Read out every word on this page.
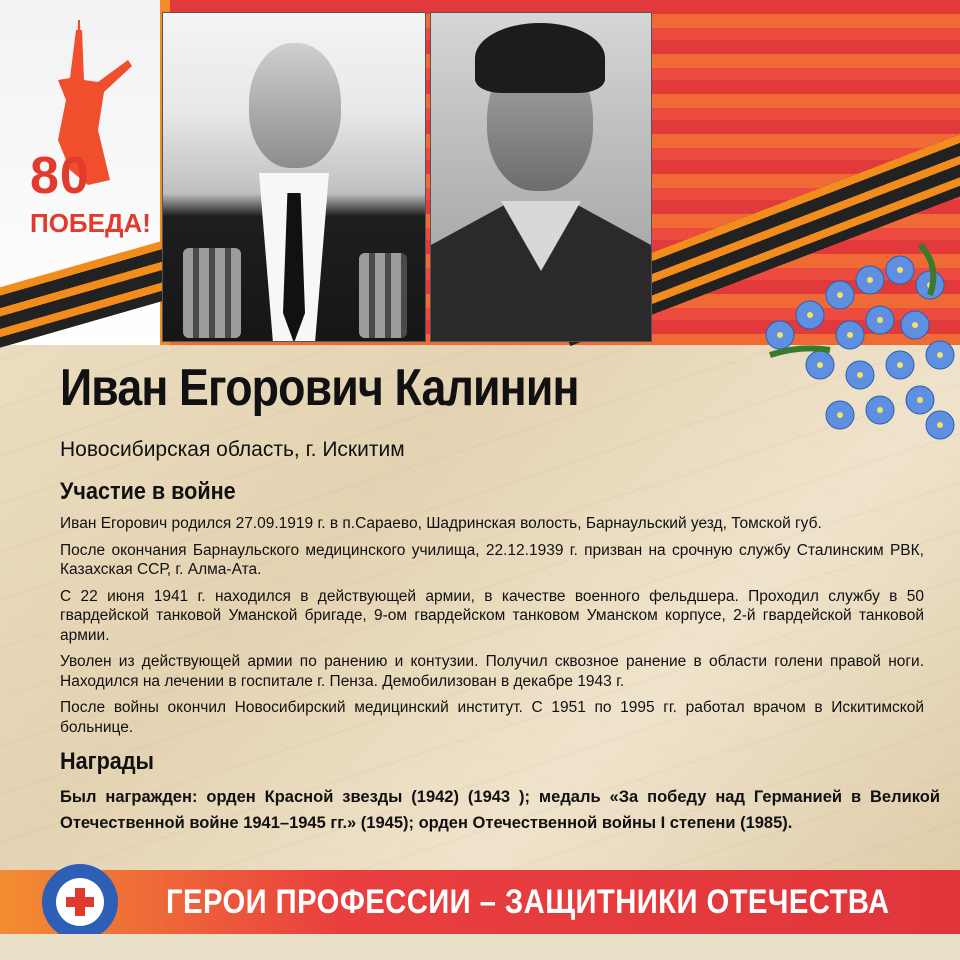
80
ПОБЕДА!
Иван Егорович Калинин
Новосибирская область, г. Искитим
Участие в войне

Иван Егорович родился 27.09.1919 г. в п.Сараево, Шадринская волость, Барнаульский уезд, Томской губ.

После окончания Барнаульского медицинского училища, 22.12.1939 г. призван на срочную службу Сталинским РВК, Казахская ССР, г. Алма-Ата.

С 22 июня 1941 г. находился в действующей армии, в качестве военного фельдшера. Проходил службу в 50 гвардейской танковой Уманской бригаде, 9-ом гвардейском танковом Уманском корпусе, 2-й гвардейской танковой армии.

Уволен из действующей армии по ранению и контузии. Получил сквозное ранение в области голени правой ноги. Находился на лечении в госпитале г. Пенза. Демобилизован в декабре 1943 г.

После войны окончил Новосибирский медицинский институт. С 1951 по 1995 гг. работал врачом в Искитимской больнице.

Награды
Был награжден: орден Красной звезды (1942) (1943 ); медаль «За победу над Германией в Великой Отечественной войне 1941–1945 гг.» (1945); орден Отечественной войны I степени (1985).
ГЕРОИ ПРОФЕССИИ – ЗАЩИТНИКИ ОТЕЧЕСТВА
